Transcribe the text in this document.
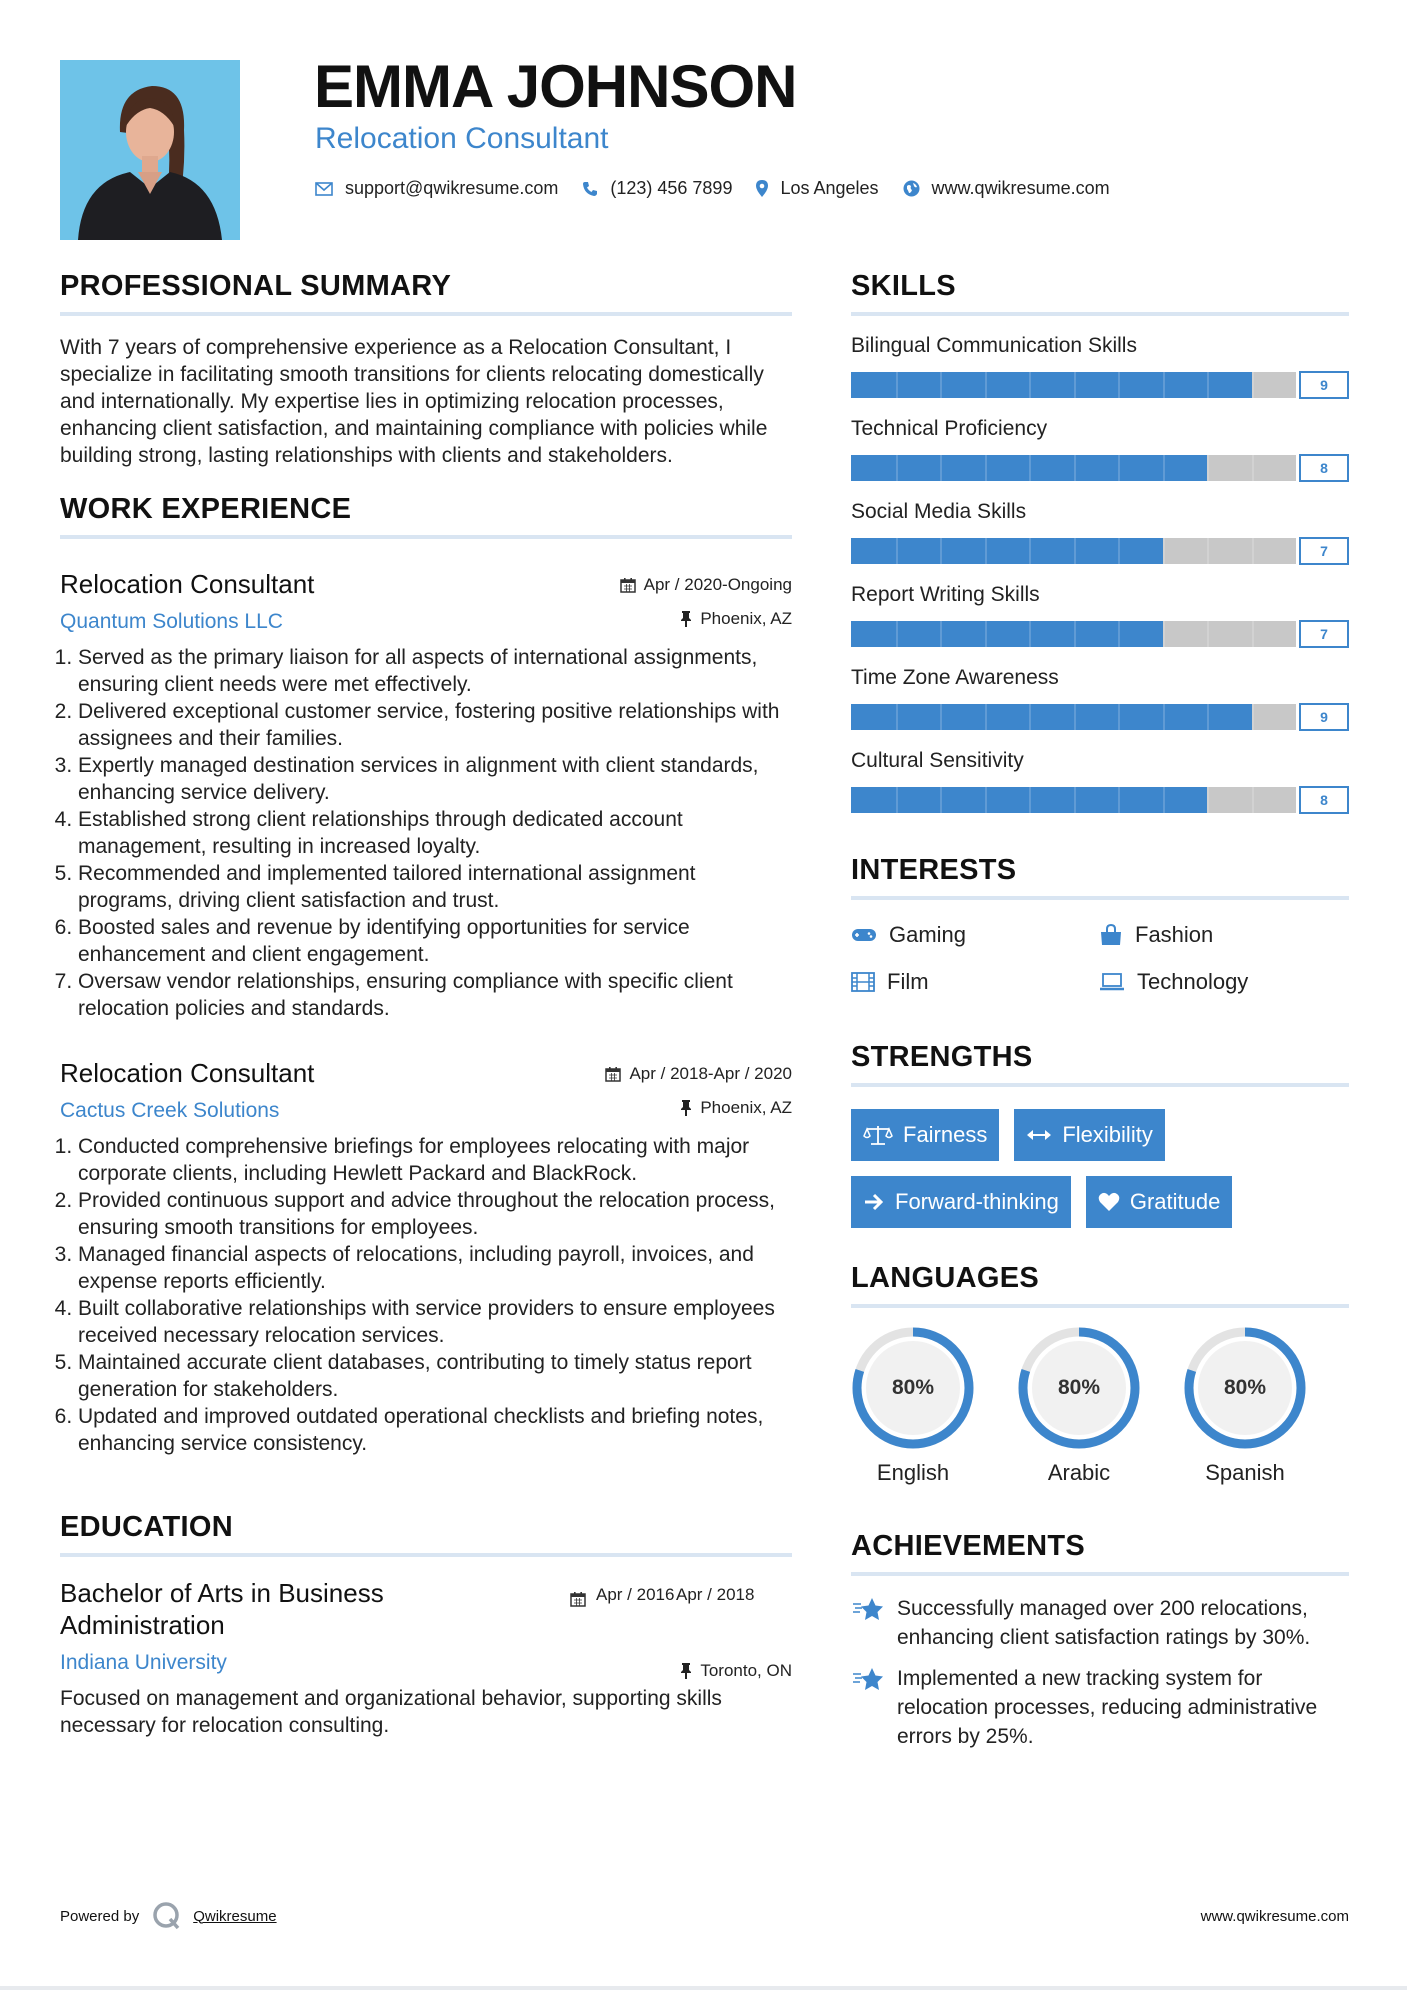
EMMA JOHNSON
Relocation Consultant
support@qwikresume.com	(123) 456 7899	Los Angeles	www.qwikresume.com
PROFESSIONAL SUMMARY

With 7 years of comprehensive experience as a Relocation Consultant, I specialize in facilitating smooth transitions for clients relocating domestically and internationally. My expertise lies in optimizing relocation processes, enhancing client satisfaction, and maintaining compliance with policies while building strong, lasting relationships with clients and stakeholders.

WORK EXPERIENCE
Relocation Consultant	Apr / 2020-Ongoing
Quantum Solutions LLC	Phoenix, AZ
1. Served as the primary liaison for all aspects of international assignments, ensuring client needs were met effectively.
2. Delivered exceptional customer service, fostering positive relationships with assignees and their families.
3. Expertly managed destination services in alignment with client standards, enhancing service delivery.
4. Established strong client relationships through dedicated account management, resulting in increased loyalty.
5. Recommended and implemented tailored international assignment programs, driving client satisfaction and trust.
6. Boosted sales and revenue by identifying opportunities for service enhancement and client engagement.
7. Oversaw vendor relationships, ensuring compliance with specific client relocation policies and standards.
Relocation Consultant	Apr / 2018-Apr / 2020
Cactus Creek Solutions	Phoenix, AZ
1. Conducted comprehensive briefings for employees relocating with major corporate clients, including Hewlett Packard and BlackRock.
2. Provided continuous support and advice throughout the relocation process, ensuring smooth transitions for employees.
3. Managed financial aspects of relocations, including payroll, invoices, and expense reports efficiently.
4. Built collaborative relationships with service providers to ensure employees received necessary relocation services.
5. Maintained accurate client databases, contributing to timely status report generation for stakeholders.
6. Updated and improved outdated operational checklists and briefing notes, enhancing service consistency.
EDUCATION
Bachelor of Arts in Business Administration
Apr / 2016 Apr / 2018
Indiana University	Toronto, ON
Focused on management and organizational behavior, supporting skills necessary for relocation consulting.
SKILLS
Bilingual Communication Skills
9
Technical Proficiency
8
Social Media Skills
7
Report Writing Skills
7
Time Zone Awareness
9
Cultural Sensitivity
8
INTERESTS
Gaming	Fashion
Film	Technology
STRENGTHS
Fairness	Flexibility
Forward-thinking	Gratitude
LANGUAGES
80%
English
80%
Arabic
80%
Spanish
ACHIEVEMENTS
Successfully managed over 200 relocations, enhancing client satisfaction ratings by 30%.
Implemented a new tracking system for relocation processes, reducing administrative errors by 25%.
Powered by	Qwikresume	www.qwikresume.com
